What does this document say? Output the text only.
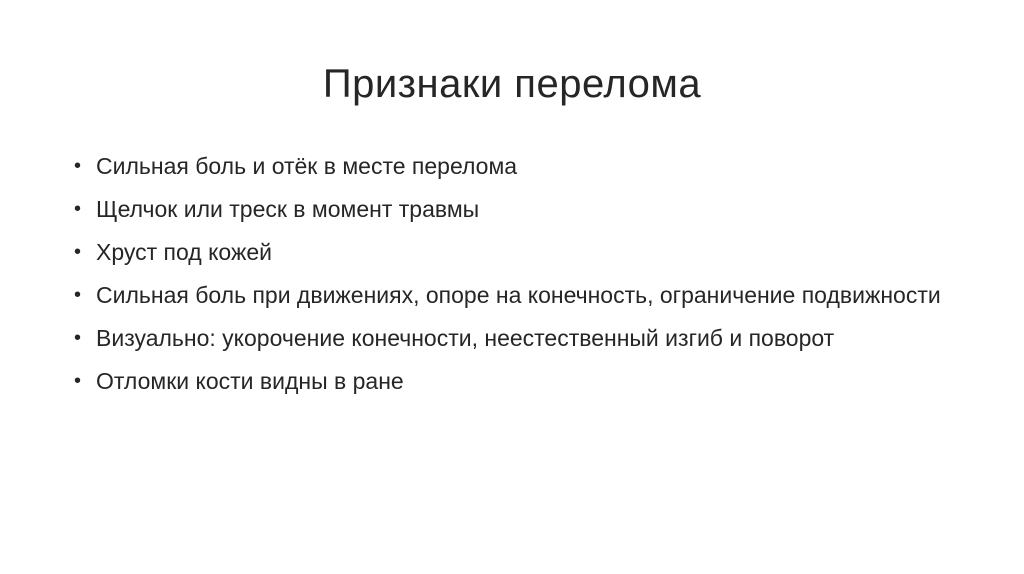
Признаки перелома
• Сильная боль и отёк в месте перелома
• Щелчок или треск в момент травмы
• Хруст под кожей
• Сильная боль при движениях, опоре на конечность, ограничение подвижности
• Визуально: укорочение конечности, неестественный изгиб и поворот
• Отломки кости видны в ране
